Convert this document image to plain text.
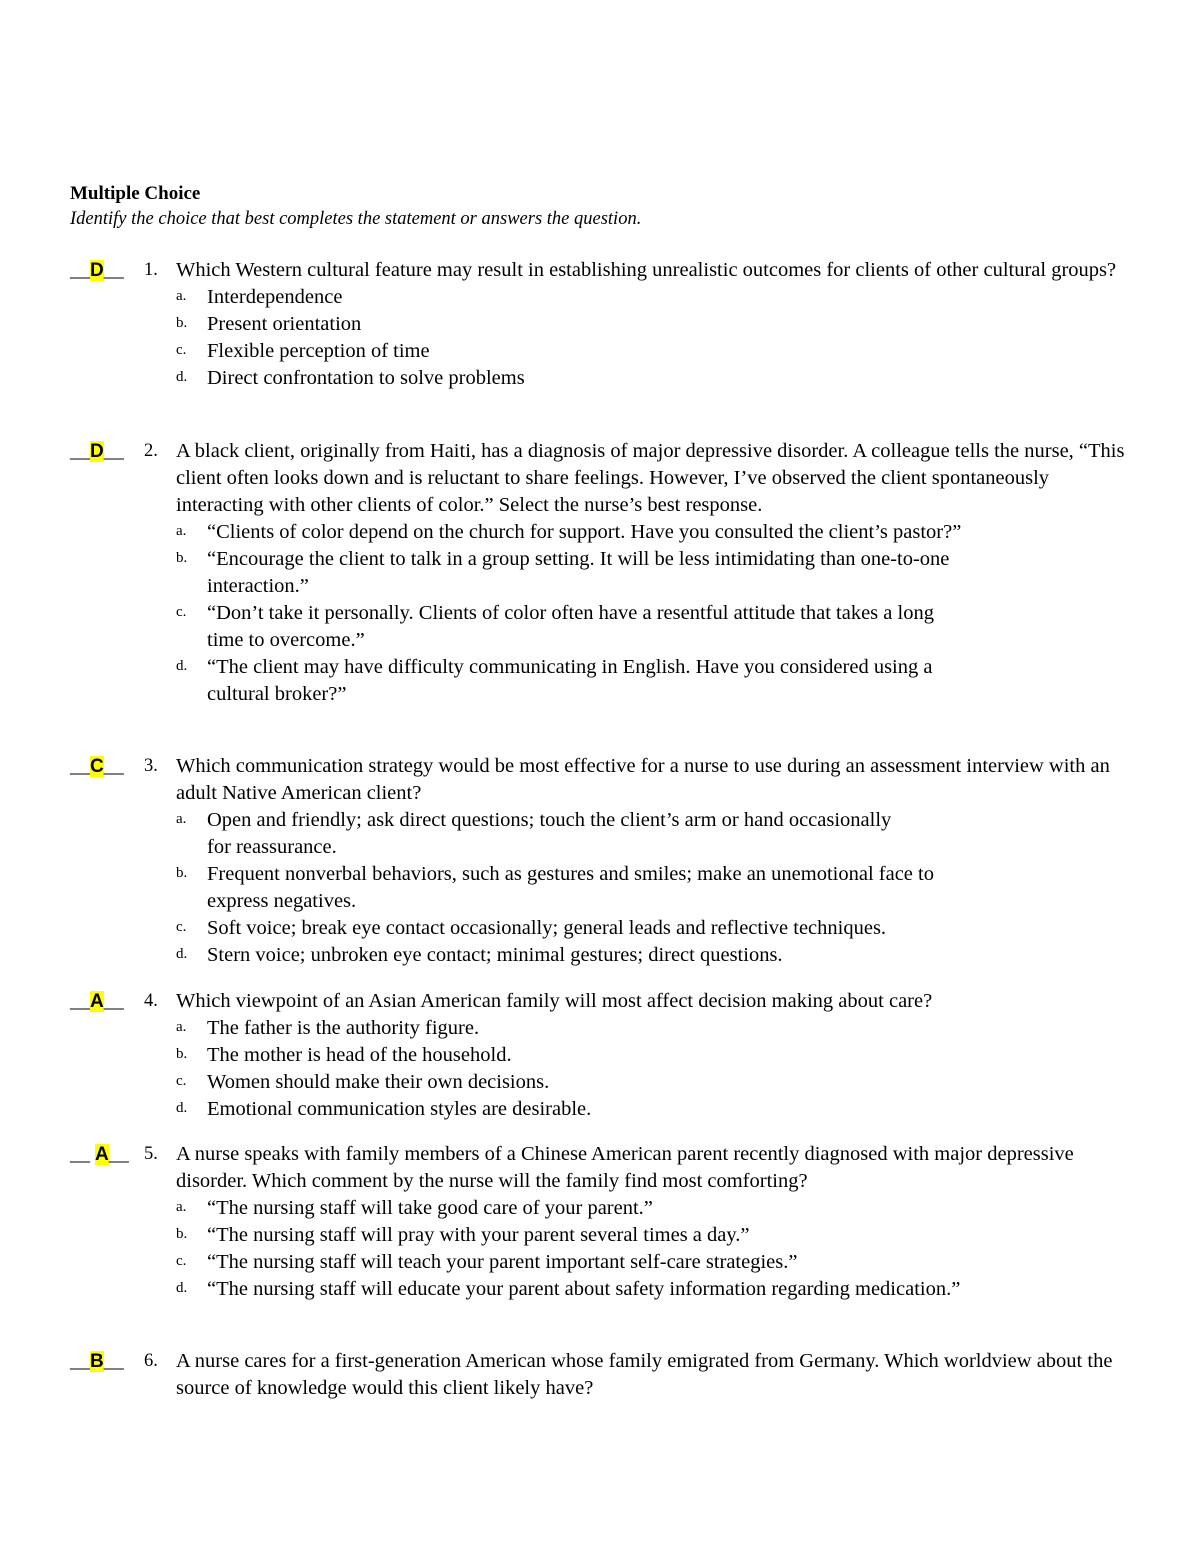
Multiple Choice
Identify the choice that best completes the statement or answers the question.
__D__ 1. Which Western cultural feature may result in establishing unrealistic outcomes for clients of other cultural groups?
a. Interdependence
b. Present orientation
c. Flexible perception of time
d. Direct confrontation to solve problems
__D__ 2. A black client, originally from Haiti, has a diagnosis of major depressive disorder. A colleague tells the nurse, “This client often looks down and is reluctant to share feelings. However, I’ve observed the client spontaneously interacting with other clients of color.” Select the nurse’s best response.
a. “Clients of color depend on the church for support. Have you consulted the client’s pastor?”
b. “Encourage the client to talk in a group setting. It will be less intimidating than one-to-one interaction.”
c. “Don’t take it personally. Clients of color often have a resentful attitude that takes a long time to overcome.”
d. “The client may have difficulty communicating in English. Have you considered using a cultural broker?”
__C__ 3. Which communication strategy would be most effective for a nurse to use during an assessment interview with an adult Native American client?
a. Open and friendly; ask direct questions; touch the client’s arm or hand occasionally for reassurance.
b. Frequent nonverbal behaviors, such as gestures and smiles; make an unemotional face to express negatives.
c. Soft voice; break eye contact occasionally; general leads and reflective techniques.
d. Stern voice; unbroken eye contact; minimal gestures; direct questions.
__A__ 4. Which viewpoint of an Asian American family will most affect decision making about care?
a. The father is the authority figure.
b. The mother is head of the household.
c. Women should make their own decisions.
d. Emotional communication styles are desirable.
__ A__ 5. A nurse speaks with family members of a Chinese American parent recently diagnosed with major depressive disorder. Which comment by the nurse will the family find most comforting?
a. “The nursing staff will take good care of your parent.”
b. “The nursing staff will pray with your parent several times a day.”
c. “The nursing staff will teach your parent important self-care strategies.”
d. “The nursing staff will educate your parent about safety information regarding medication.”
__B__ 6. A nurse cares for a first-generation American whose family emigrated from Germany. Which worldview about the source of knowledge would this client likely have?
